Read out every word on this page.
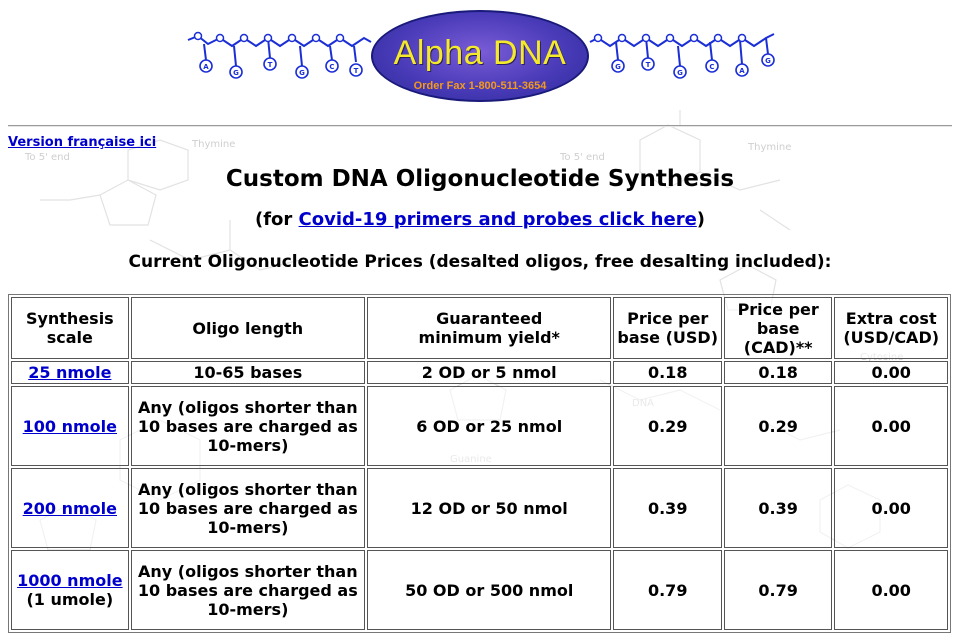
To 5' end
Thymine	Thymine
To 5' end
G
T
G
C	T
A	G	T
G
C	A
G
Alpha DNA
Order Fax 1-800-511-3654
Version française ici
Custom DNA Oligonucleotide Synthesis
(for Covid-19 primers and probes click here)
Current Oligonucleotide Prices (desalted oligos, free desalting included):
Synthesis scale	Oligo length	Guaranteed minimum yield*	Price per base (USD)	Price per base (CAD)**	Extra cost (USD/CAD)
25 nmole	10-65 bases	2 OD or 5 nmol	0.18	0.18	0.00
100 nmole	Any (oligos shorter than 10 bases are charged as 10-mers)	6 OD or 25 nmol	0.29	0.29	0.00
200 nmole	Any (oligos shorter than 10 bases are charged as 10-mers)	12 OD or 50 nmol	0.39	0.39	0.00
1000 nmole
(1 umole)	Any (oligos shorter than 10 bases are charged as 10-mers)	50 OD or 500 nmol	0.79	0.79	0.00
